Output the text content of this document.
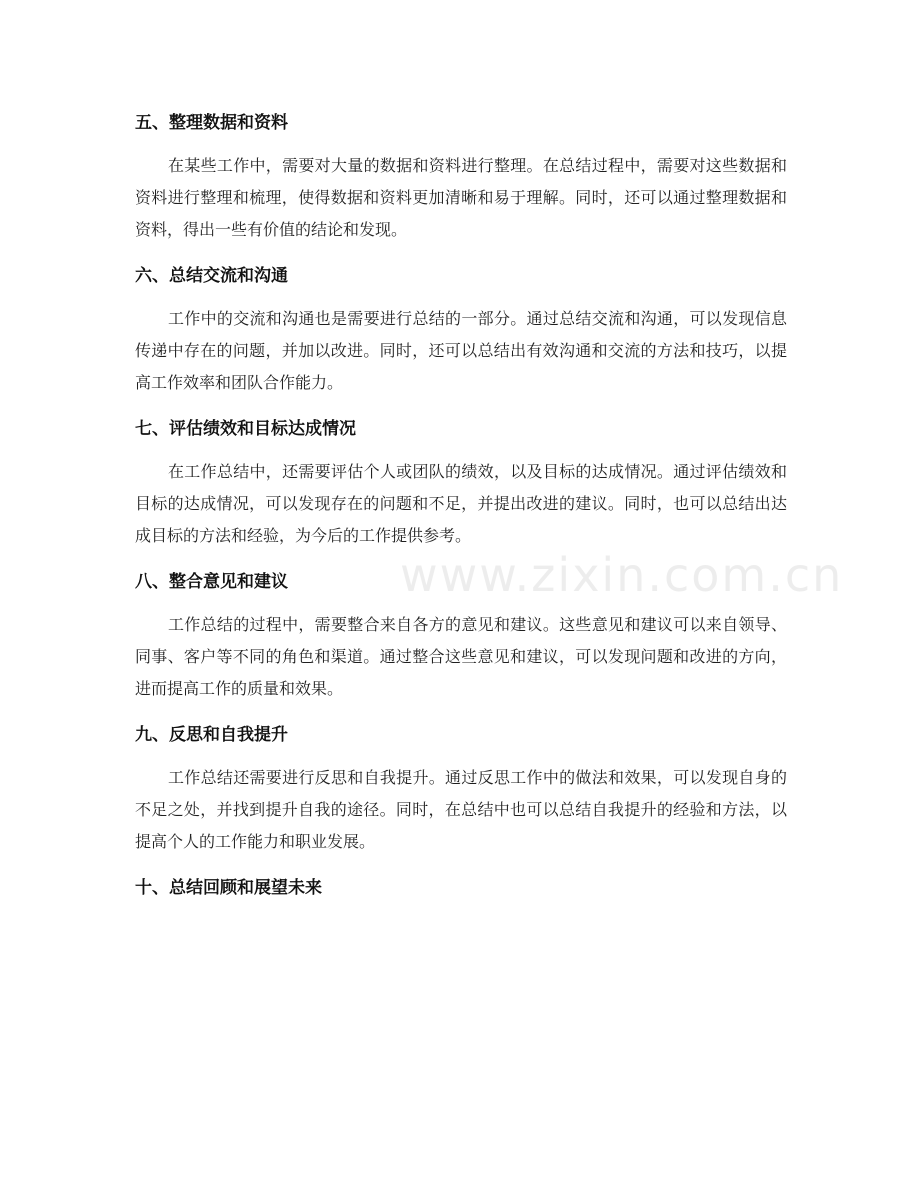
五、整理数据和资料

在某些工作中，需要对大量的数据和资料进行整理。在总结过程中，需要对这些数据和资料进行整理和梳理，使得数据和资料更加清晰和易于理解。同时，还可以通过整理数据和资料，得出一些有价值的结论和发现。

六、总结交流和沟通

工作中的交流和沟通也是需要进行总结的一部分。通过总结交流和沟通，可以发现信息传递中存在的问题，并加以改进。同时，还可以总结出有效沟通和交流的方法和技巧，以提高工作效率和团队合作能力。

七、评估绩效和目标达成情况

在工作总结中，还需要评估个人或团队的绩效，以及目标的达成情况。通过评估绩效和目标的达成情况，可以发现存在的问题和不足，并提出改进的建议。同时，也可以总结出达成目标的方法和经验，为今后的工作提供参考。

八、整合意见和建议

工作总结的过程中，需要整合来自各方的意见和建议。这些意见和建议可以来自领导、同事、客户等不同的角色和渠道。通过整合这些意见和建议，可以发现问题和改进的方向，进而提高工作的质量和效果。

九、反思和自我提升

工作总结还需要进行反思和自我提升。通过反思工作中的做法和效果，可以发现自身的不足之处，并找到提升自我的途径。同时，在总结中也可以总结自我提升的经验和方法，以提高个人的工作能力和职业发展。

十、总结回顾和展望未来
www.zixin.com.cn
